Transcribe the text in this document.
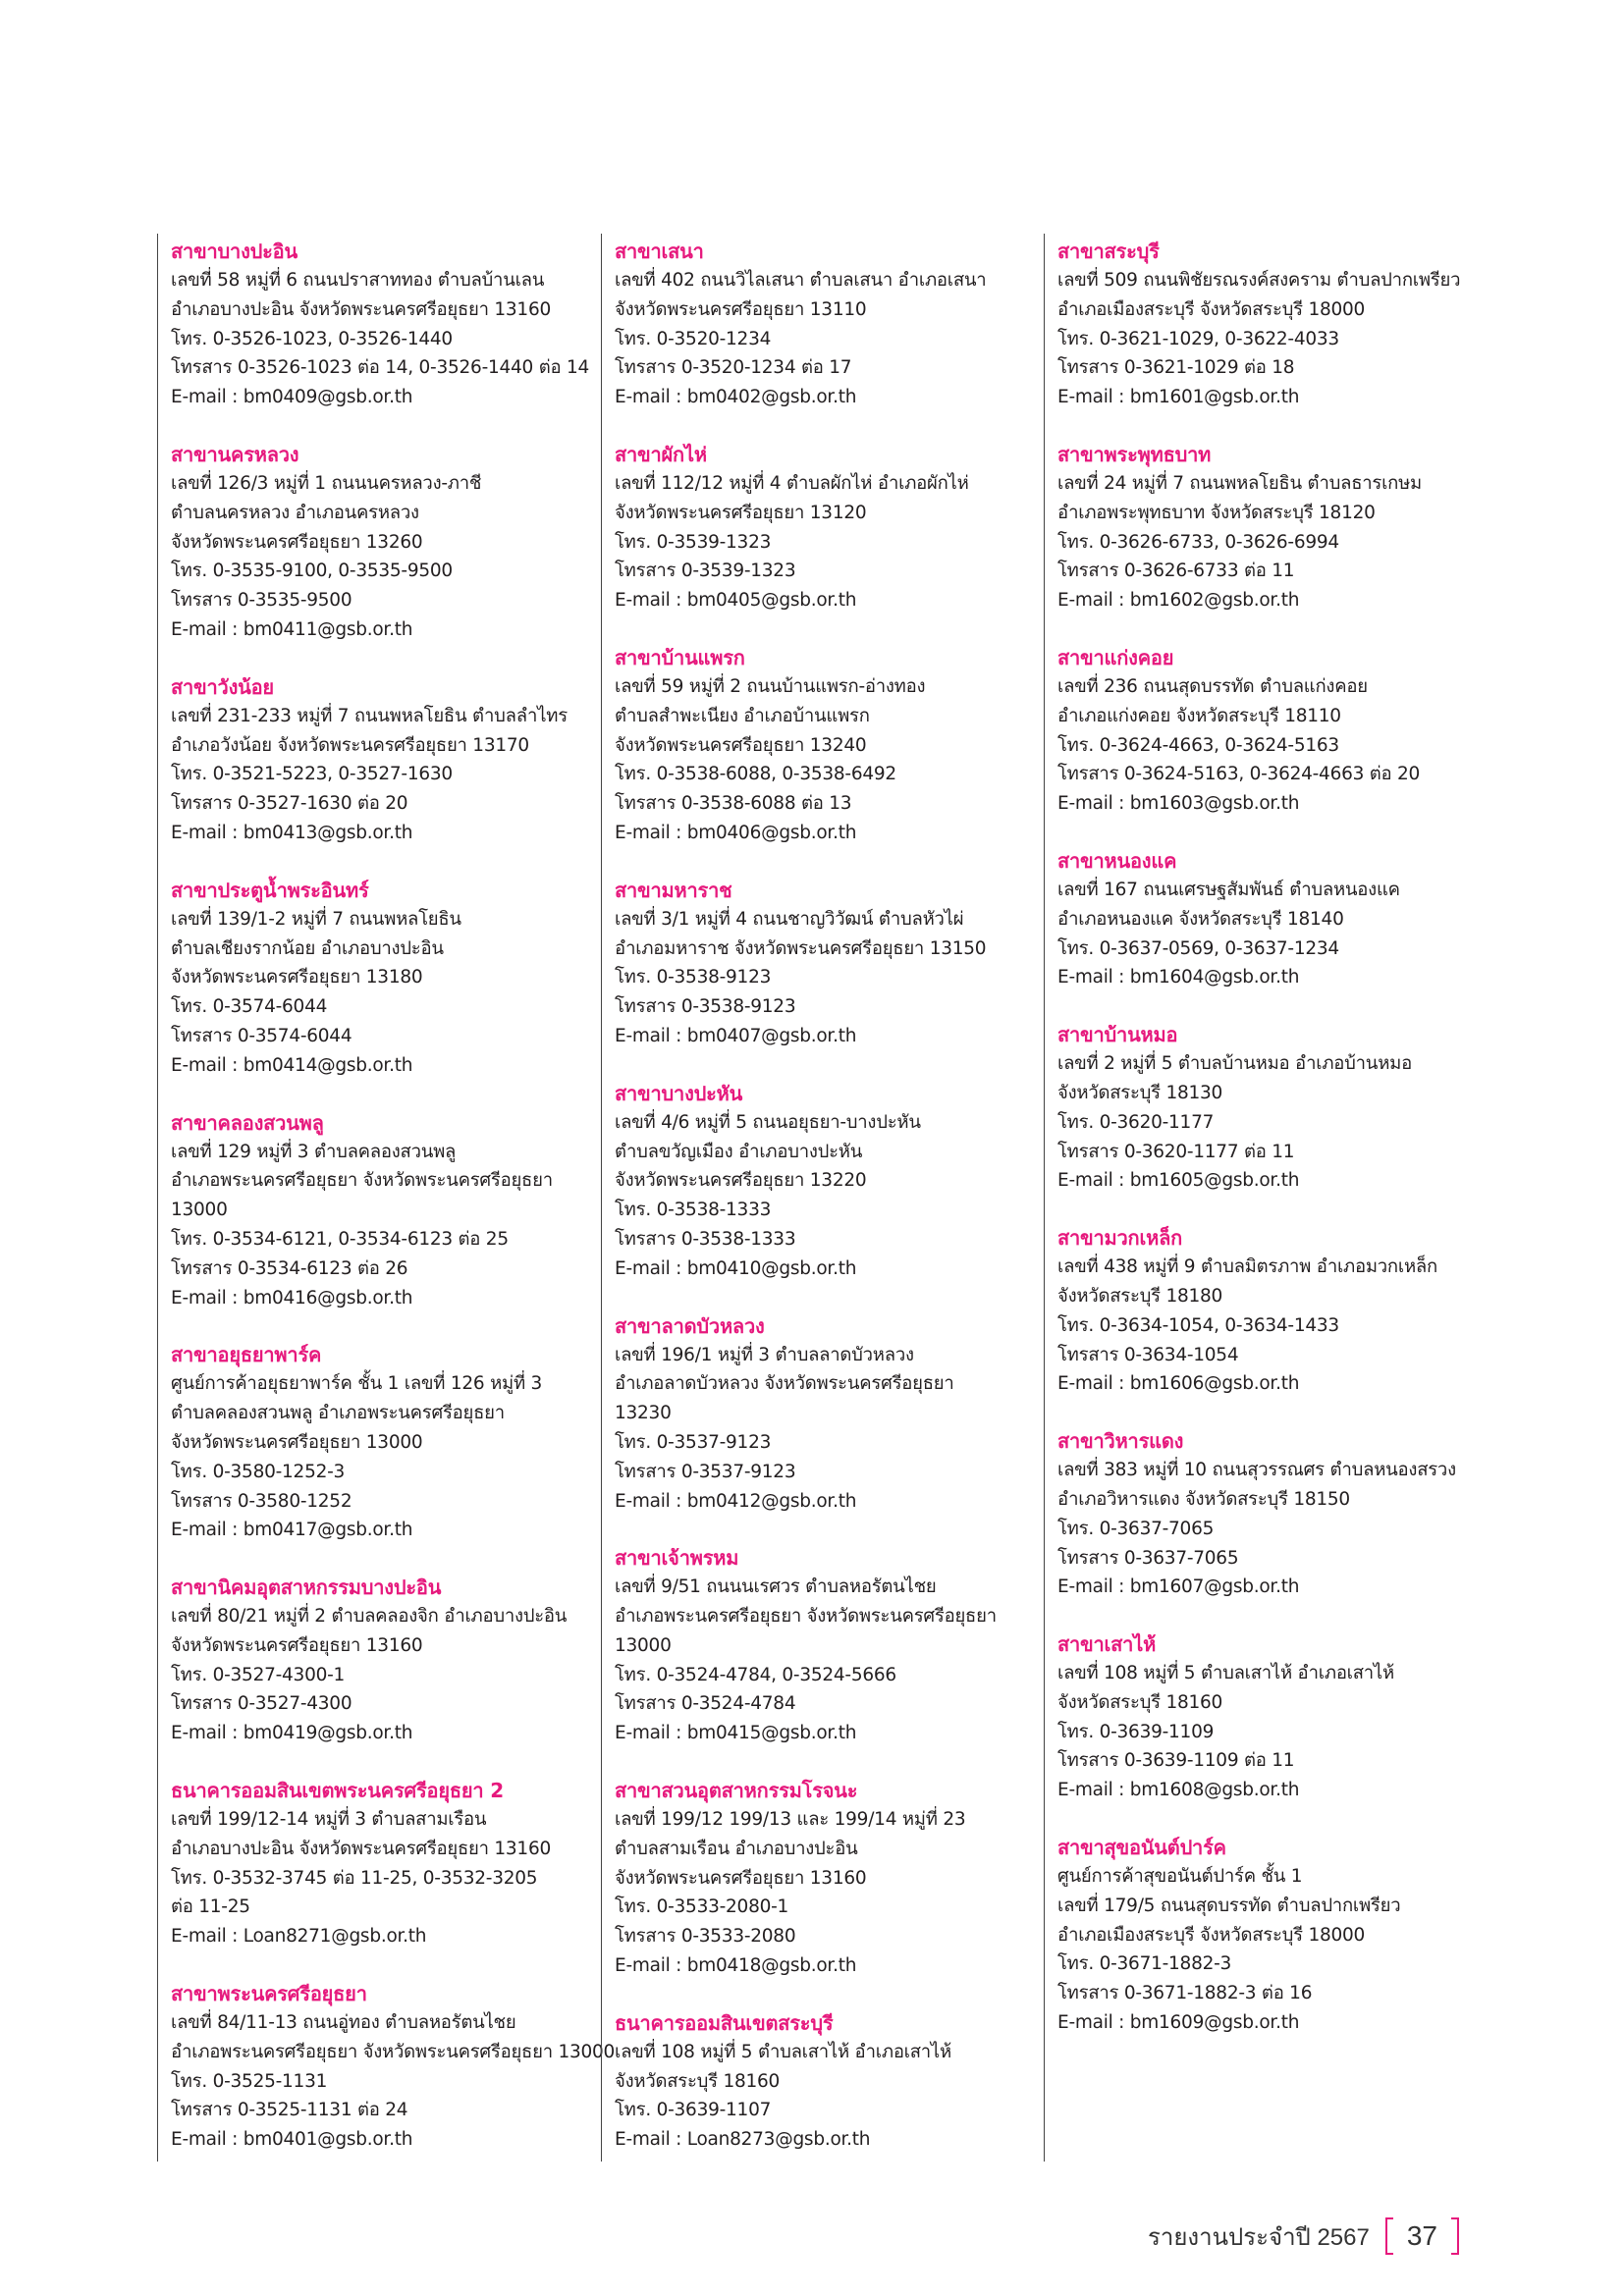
สาขาบางปะอิน
เลขที่ 58 หมู่ที่ 6 ถนนปราสาททอง ตำบลบ้านเลน
อำเภอบางปะอิน จังหวัดพระนครศรีอยุธยา 13160
โทร. 0-3526-1023, 0-3526-1440
โทรสาร 0-3526-1023 ต่อ 14, 0-3526-1440 ต่อ 14
E-mail : bm0409@gsb.or.th
สาขานครหลวง
เลขที่ 126/3 หมู่ที่ 1 ถนนนครหลวง-ภาชี
ตำบลนครหลวง อำเภอนครหลวง
จังหวัดพระนครศรีอยุธยา 13260
โทร. 0-3535-9100, 0-3535-9500
โทรสาร 0-3535-9500
E-mail : bm0411@gsb.or.th
สาขาวังน้อย
เลขที่ 231-233 หมู่ที่ 7 ถนนพหลโยธิน ตำบลลำไทร
อำเภอวังน้อย จังหวัดพระนครศรีอยุธยา 13170
โทร. 0-3521-5223, 0-3527-1630
โทรสาร 0-3527-1630 ต่อ 20
E-mail : bm0413@gsb.or.th
สาขาประตูน้ำพระอินทร์
เลขที่ 139/1-2 หมู่ที่ 7 ถนนพหลโยธิน
ตำบลเชียงรากน้อย อำเภอบางปะอิน
จังหวัดพระนครศรีอยุธยา 13180
โทร. 0-3574-6044
โทรสาร 0-3574-6044
E-mail : bm0414@gsb.or.th
สาขาคลองสวนพลู
เลขที่ 129 หมู่ที่ 3 ตำบลคลองสวนพลู
อำเภอพระนครศรีอยุธยา จังหวัดพระนครศรีอยุธยา
13000
โทร. 0-3534-6121, 0-3534-6123 ต่อ 25
โทรสาร 0-3534-6123 ต่อ 26
E-mail : bm0416@gsb.or.th
สาขาอยุธยาพาร์ค
ศูนย์การค้าอยุธยาพาร์ค ชั้น 1 เลขที่ 126 หมู่ที่ 3
ตำบลคลองสวนพลู อำเภอพระนครศรีอยุธยา
จังหวัดพระนครศรีอยุธยา 13000
โทร. 0-3580-1252-3
โทรสาร 0-3580-1252
E-mail : bm0417@gsb.or.th
สาขานิคมอุตสาหกรรมบางปะอิน
เลขที่ 80/21 หมู่ที่ 2 ตำบลคลองจิก อำเภอบางปะอิน
จังหวัดพระนครศรีอยุธยา 13160
โทร. 0-3527-4300-1
โทรสาร 0-3527-4300
E-mail : bm0419@gsb.or.th
ธนาคารออมสินเขตพระนครศรีอยุธยา 2
เลขที่ 199/12-14 หมู่ที่ 3 ตำบลสามเรือน
อำเภอบางปะอิน จังหวัดพระนครศรีอยุธยา 13160
โทร. 0-3532-3745 ต่อ 11-25, 0-3532-3205
ต่อ 11-25
E-mail : Loan8271@gsb.or.th
สาขาพระนครศรีอยุธยา
เลขที่ 84/11-13 ถนนอู่ทอง ตำบลหอรัตนไชย
อำเภอพระนครศรีอยุธยา จังหวัดพระนครศรีอยุธยา 13000
โทร. 0-3525-1131
โทรสาร 0-3525-1131 ต่อ 24
E-mail : bm0401@gsb.or.th
สาขาเสนา
เลขที่ 402 ถนนวิไลเสนา ตำบลเสนา อำเภอเสนา
จังหวัดพระนครศรีอยุธยา 13110
โทร. 0-3520-1234
โทรสาร 0-3520-1234 ต่อ 17
E-mail : bm0402@gsb.or.th
สาขาผักไห่
เลขที่ 112/12 หมู่ที่ 4 ตำบลผักไห่ อำเภอผักไห่
จังหวัดพระนครศรีอยุธยา 13120
โทร. 0-3539-1323
โทรสาร 0-3539-1323
E-mail : bm0405@gsb.or.th
สาขาบ้านแพรก
เลขที่ 59 หมู่ที่ 2 ถนนบ้านแพรก-อ่างทอง
ตำบลสำพะเนียง อำเภอบ้านแพรก
จังหวัดพระนครศรีอยุธยา 13240
โทร. 0-3538-6088, 0-3538-6492
โทรสาร 0-3538-6088 ต่อ 13
E-mail : bm0406@gsb.or.th
สาขามหาราช
เลขที่ 3/1 หมู่ที่ 4 ถนนชาญวิวัฒน์ ตำบลหัวไผ่
อำเภอมหาราช จังหวัดพระนครศรีอยุธยา 13150
โทร. 0-3538-9123
โทรสาร 0-3538-9123
E-mail : bm0407@gsb.or.th
สาขาบางปะหัน
เลขที่ 4/6 หมู่ที่ 5 ถนนอยุธยา-บางปะหัน
ตำบลขวัญเมือง อำเภอบางปะหัน
จังหวัดพระนครศรีอยุธยา 13220
โทร. 0-3538-1333
โทรสาร 0-3538-1333
E-mail : bm0410@gsb.or.th
สาขาลาดบัวหลวง
เลขที่ 196/1 หมู่ที่ 3 ตำบลลาดบัวหลวง
อำเภอลาดบัวหลวง จังหวัดพระนครศรีอยุธยา
13230
โทร. 0-3537-9123
โทรสาร 0-3537-9123
E-mail : bm0412@gsb.or.th
สาขาเจ้าพรหม
เลขที่ 9/51 ถนนนเรศวร ตำบลหอรัตนไชย
อำเภอพระนครศรีอยุธยา จังหวัดพระนครศรีอยุธยา
13000
โทร. 0-3524-4784, 0-3524-5666
โทรสาร 0-3524-4784
E-mail : bm0415@gsb.or.th
สาขาสวนอุตสาหกรรมโรจนะ
เลขที่ 199/12 199/13 และ 199/14 หมู่ที่ 23
ตำบลสามเรือน อำเภอบางปะอิน
จังหวัดพระนครศรีอยุธยา 13160
โทร. 0-3533-2080-1
โทรสาร 0-3533-2080
E-mail : bm0418@gsb.or.th
ธนาคารออมสินเขตสระบุรี
เลขที่ 108 หมู่ที่ 5 ตำบลเสาไห้ อำเภอเสาไห้
จังหวัดสระบุรี 18160
โทร. 0-3639-1107
E-mail : Loan8273@gsb.or.th
สาขาสระบุรี
เลขที่ 509 ถนนพิชัยรณรงค์สงคราม ตำบลปากเพรียว
อำเภอเมืองสระบุรี จังหวัดสระบุรี 18000
โทร. 0-3621-1029, 0-3622-4033
โทรสาร 0-3621-1029 ต่อ 18
E-mail : bm1601@gsb.or.th
สาขาพระพุทธบาท
เลขที่ 24 หมู่ที่ 7 ถนนพหลโยธิน ตำบลธารเกษม
อำเภอพระพุทธบาท จังหวัดสระบุรี 18120
โทร. 0-3626-6733, 0-3626-6994
โทรสาร 0-3626-6733 ต่อ 11
E-mail : bm1602@gsb.or.th
สาขาแก่งคอย
เลขที่ 236 ถนนสุดบรรทัด ตำบลแก่งคอย
อำเภอแก่งคอย จังหวัดสระบุรี 18110
โทร. 0-3624-4663, 0-3624-5163
โทรสาร 0-3624-5163, 0-3624-4663 ต่อ 20
E-mail : bm1603@gsb.or.th
สาขาหนองแค
เลขที่ 167 ถนนเศรษฐสัมพันธ์ ตำบลหนองแค
อำเภอหนองแค จังหวัดสระบุรี 18140
โทร. 0-3637-0569, 0-3637-1234
E-mail : bm1604@gsb.or.th
สาขาบ้านหมอ
เลขที่ 2 หมู่ที่ 5 ตำบลบ้านหมอ อำเภอบ้านหมอ
จังหวัดสระบุรี 18130
โทร. 0-3620-1177
โทรสาร 0-3620-1177 ต่อ 11
E-mail : bm1605@gsb.or.th
สาขามวกเหล็ก
เลขที่ 438 หมู่ที่ 9 ตำบลมิตรภาพ อำเภอมวกเหล็ก
จังหวัดสระบุรี 18180
โทร. 0-3634-1054, 0-3634-1433
โทรสาร 0-3634-1054
E-mail : bm1606@gsb.or.th
สาขาวิหารแดง
เลขที่ 383 หมู่ที่ 10 ถนนสุวรรณศร ตำบลหนองสรวง
อำเภอวิหารแดง จังหวัดสระบุรี 18150
โทร. 0-3637-7065
โทรสาร 0-3637-7065
E-mail : bm1607@gsb.or.th
สาขาเสาไห้
เลขที่ 108 หมู่ที่ 5 ตำบลเสาไห้ อำเภอเสาไห้
จังหวัดสระบุรี 18160
โทร. 0-3639-1109
โทรสาร 0-3639-1109 ต่อ 11
E-mail : bm1608@gsb.or.th
สาขาสุขอนันต์ปาร์ค
ศูนย์การค้าสุขอนันต์ปาร์ค ชั้น 1
เลขที่ 179/5 ถนนสุดบรรทัด ตำบลปากเพรียว
อำเภอเมืองสระบุรี จังหวัดสระบุรี 18000
โทร. 0-3671-1882-3
โทรสาร 0-3671-1882-3 ต่อ 16
E-mail : bm1609@gsb.or.th
รายงานประจำปี 2567	37
